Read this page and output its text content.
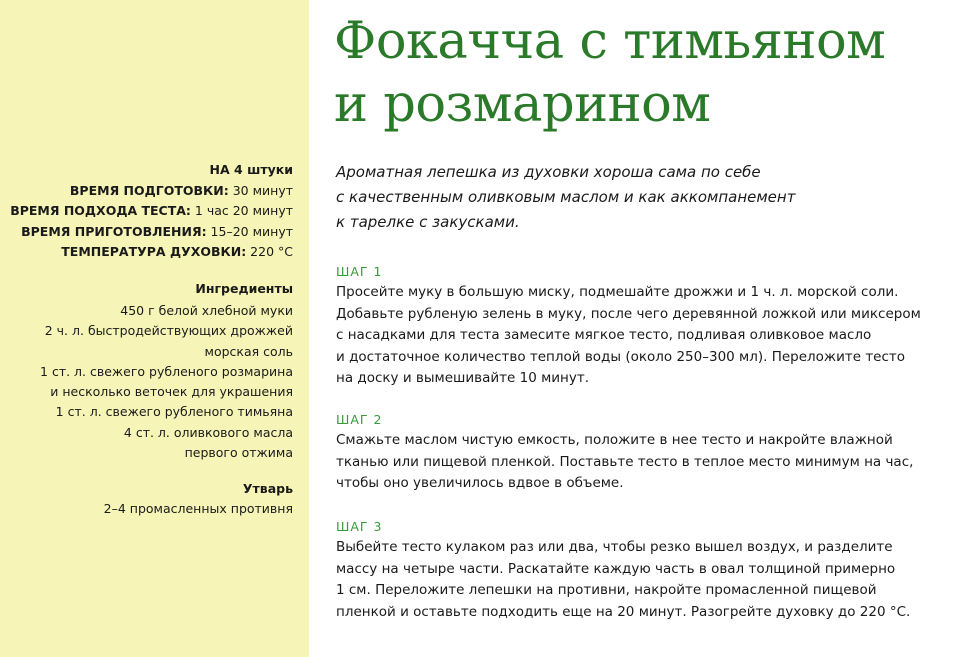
НА 4 штуки
ВРЕМЯ ПОДГОТОВКИ: 30 минут
ВРЕМЯ ПОДХОДА ТЕСТА: 1 час 20 минут
ВРЕМЯ ПРИГОТОВЛЕНИЯ: 15–20 минут
ТЕМПЕРАТУРА ДУХОВКИ: 220 °С
Ингредиенты
450 г белой хлебной муки
2 ч. л. быстродействующих дрожжей
морская соль
1 ст. л. свежего рубленого розмарина
и несколько веточек для украшения
1 ст. л. свежего рубленого тимьяна
4 ст. л. оливкового масла
первого отжима
Утварь
2–4 промасленных противня
Фокачча с тимьяном
и розмарином
Ароматная лепешка из духовки хороша сама по себе
с качественным оливковым маслом и как аккомпанемент
к тарелке с закусками.
ШАГ 1
Просейте муку в большую миску, подмешайте дрожжи и 1 ч. л. морской соли.
Добавьте рубленую зелень в муку, после чего деревянной ложкой или миксером
с насадками для теста замесите мягкое тесто, подливая оливковое масло
и достаточное количество теплой воды (около 250–300 мл). Переложите тесто
на доску и вымешивайте 10 минут.
ШАГ 2
Смажьте маслом чистую емкость, положите в нее тесто и накройте влажной
тканью или пищевой пленкой. Поставьте тесто в теплое место минимум на час,
чтобы оно увеличилось вдвое в объеме.
ШАГ 3
Выбейте тесто кулаком раз или два, чтобы резко вышел воздух, и разделите
массу на четыре части. Раскатайте каждую часть в овал толщиной примерно
1 см. Переложите лепешки на противни, накройте промасленной пищевой
пленкой и оставьте подходить еще на 20 минут. Разогрейте духовку до 220 °С.
